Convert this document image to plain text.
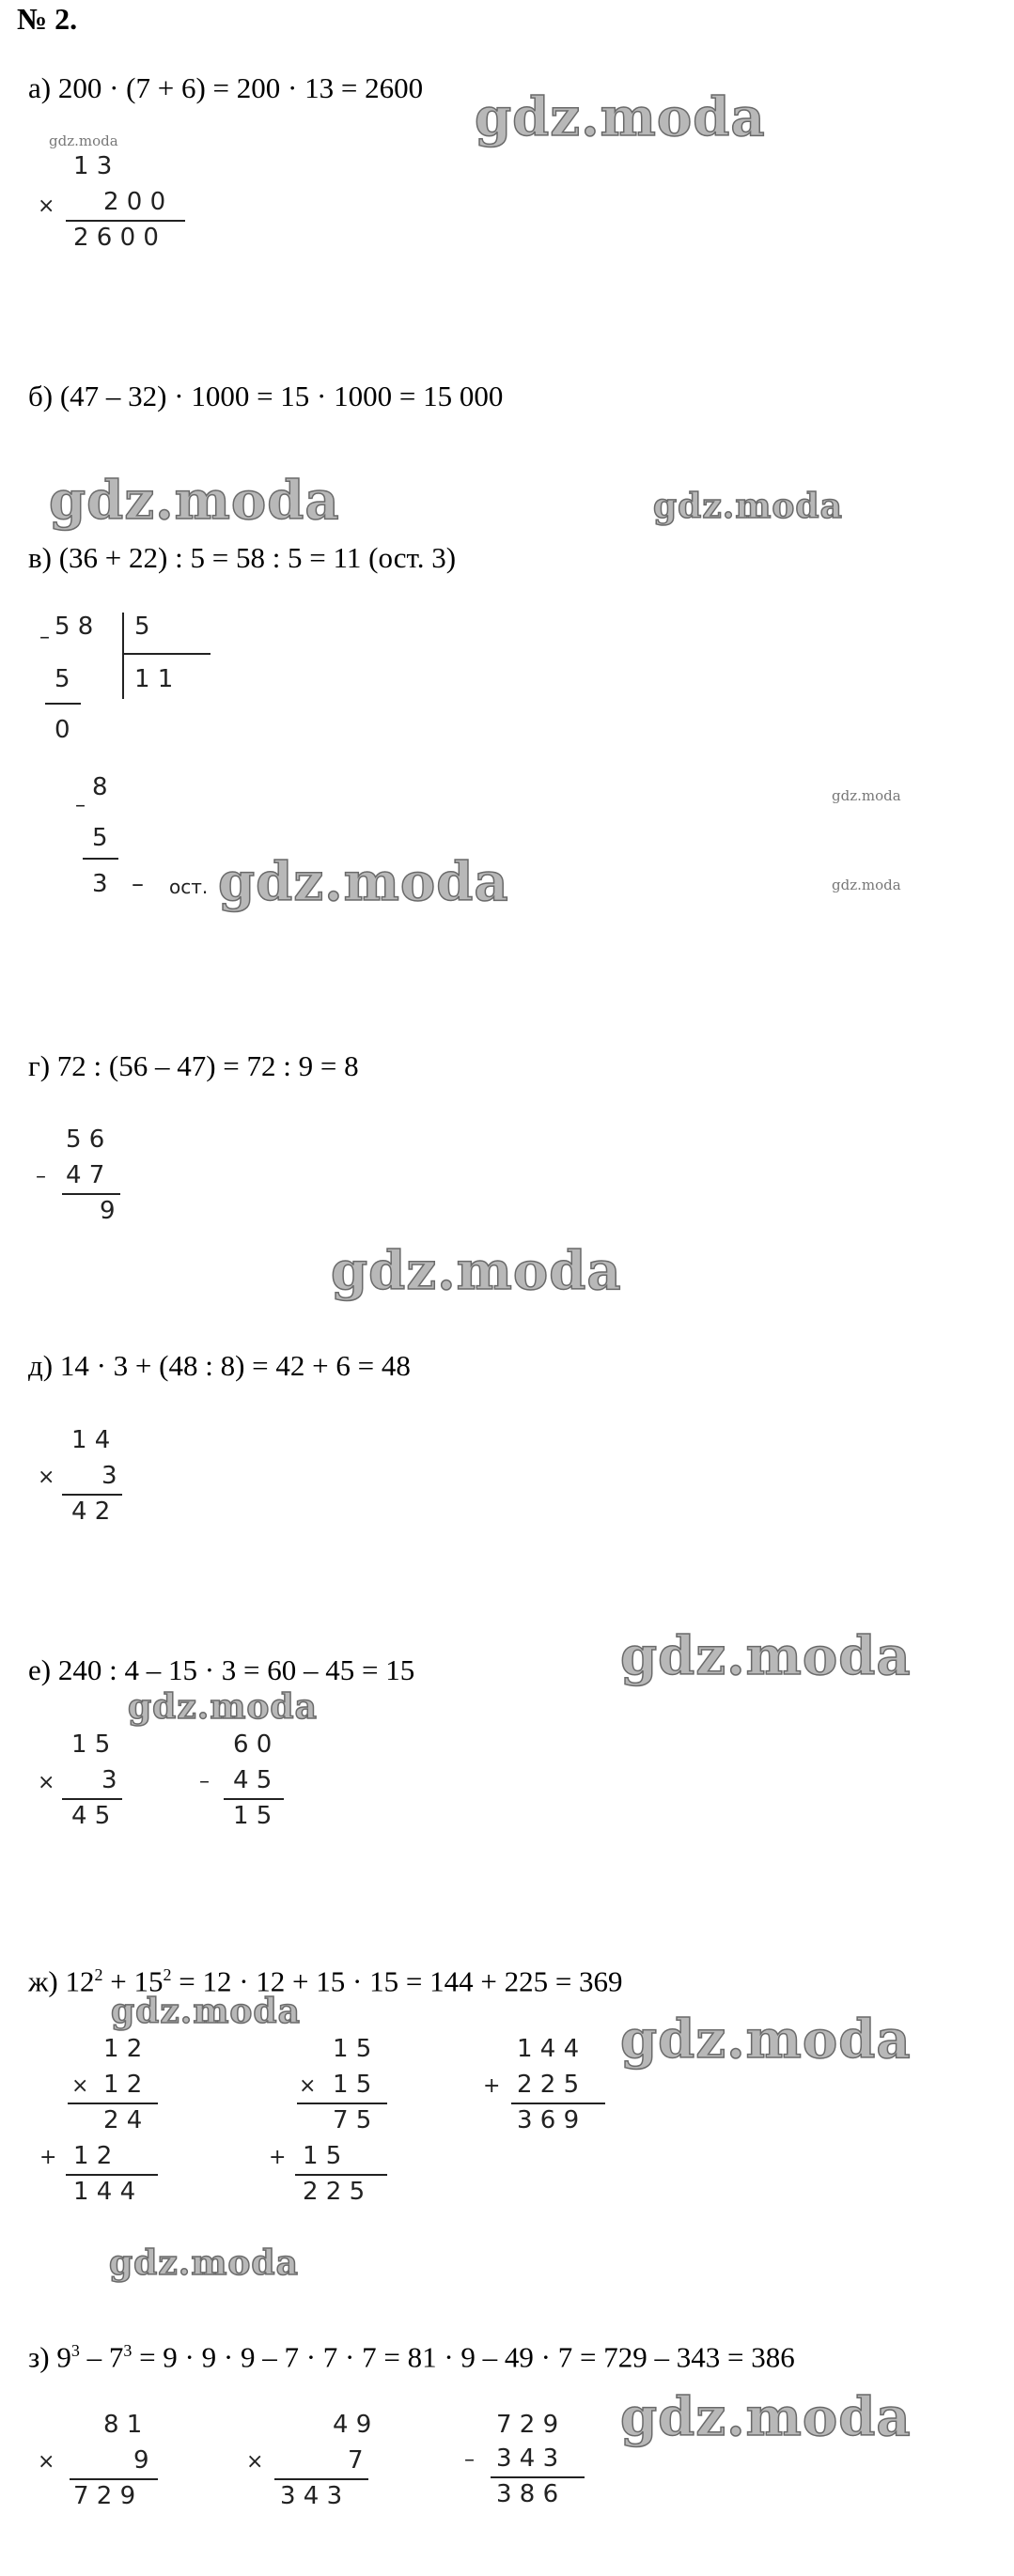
№ 2.
а) 200 · (7 + 6) = 200 · 13 = 2600 gdz.moda
gdz.moda
1 3
× 2 0 0
2 6 0 0
б) (47 – 32) · 1000 = 15 · 1000 = 15 000
gdz.moda	gdz.moda
в) (36 + 22) : 5 = 58 : 5 = 11 (ост. 3)
– 5 8 5
1 1
5
0
–
8
5
3 – ост. gdz.moda
gdz.moda
gdz.moda
г) 72 : (56 – 47) = 72 : 9 = 8
5 6
– 4 7
9
gdz.moda
д) 14 · 3 + (48 : 8) = 42 + 6 = 48
1 4
× 3
4 2
е) 240 : 4 – 15 · 3 = 60 – 45 = 15	gdz.moda
gdz.moda
1 5
× 3
4 5
6 0
– 4 5
1 5
ж) $12^2 + 15^2 = 12 \cdot 12 + 15 \cdot 15 = 144 + 225 = 369$
gdz.moda	gdz.moda
1 2
× 1 2
2 4
+ 1 2
1 4 4
1 5
× 1 5
7 5
+ 1 5
2 2 5
1 4 4
+ 2 2 5
3 6 9
gdz.moda
з) $9^3 - 7^3 = 9 \cdot 9 \cdot 9 - 7 \cdot 7 \cdot 7 = 81 \cdot 9 - 49 \cdot 7 = 729 - 343 = 386$
gdz.moda
8 1
×	9
7 2 9
4 9
×	7
3 4 3
7 2 9
– 3 4 3
3 8 6
